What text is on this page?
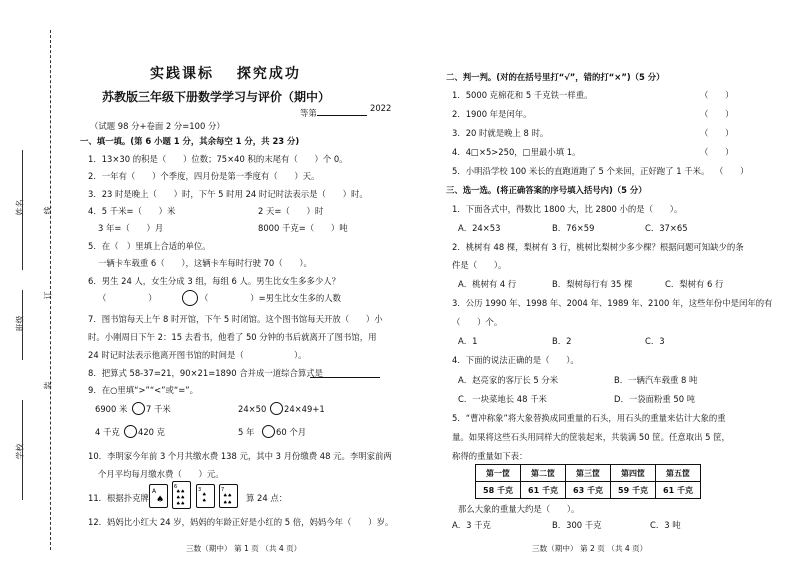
姓名 线
订
班级
装
学校
实践课标　 探究成功
苏教版三年级下册数学学习与评价（期中）
等第	2022
（试题 98 分+卷面 2 分=100 分）
一、填一填。(第 6 小题 1 分，其余每空 1 分，共 23 分)
1．13×30 的积是（　　）位数；75×40 积的末尾有（　　）个 0。
2．一年有（　　）个季度，四月份是第一季度有（　　）天。
3．23 时是晚上（　　）时，下午 5 时用 24 时记时法表示是（　　）时。
4．5 千米=（　　）米	2 天=（　　）时
3 年=（　　）月	8000 千克=（　　）吨
5．在（　）里填上合适的单位。
一辆卡车载重 6（　　），这辆卡车每时行驶 70（　　）。
6．男生 24 人，女生分成 3 组，每组 6 人。男生比女生多多少人？
（　　　　　）	（　　　　　）=男生比女生多的人数
7．图书馆每天上午 8 时开馆，下午 5 时闭馆。这个图书馆每天开放（　　）小
时。小刚周日下午 2：15 去看书，他看了 50 分钟的书后就离开了图书馆，用
24 时记时法表示他离开图书馆的时间是（　　　　　　）。
8．把算式 58-37=21，90×21=1890 合并成一道综合算式是
9．在○里填“>”“<”或“=”。
6900 米 7 千米	24×50 24×49+1
4 千克 420 克	5 年	60 个月
10．李明家今年前 3 个月共缴水费 138 元，其中 3 月份缴费 48 元。李明家前两
个月平均每月缴水费（　　）元。
11．根据扑克牌
A
♠
6
♠♠
♠♠
♠♠
3
♠
♠
7
♠♠
♠♠ 算 24 点：
12．妈妈比小红大 24 岁，妈妈的年龄正好是小红的 5 倍，妈妈今年（　　）岁。
三数（期中） 第 1 页 （共 4 页）
二、判一判。(对的在括号里打“√”，错的打“×”)（5 分）
1．5000 克棉花和 5 千克铁一样重。	（　　）
2．1900 年是闰年。	（　　）
3．20 时就是晚上 8 时。	（　　）
4．4□×5>250，□里最小填 1。	（　　）
5．小明沿学校 100 米长的直跑道跑了 5 个来回，正好跑了 1 千米。 （　　）
三、选一选。(将正确答案的序号填入括号内)（5 分）
1．下面各式中，得数比 1800 大，比 2800 小的是（　　）。
A．24×53	B．76×59	C．37×65
2．桃树有 48 棵，梨树有 3 行，桃树比梨树少多少棵？根据问题可知缺少的条
件是（　　）。
A．桃树有 4 行	B．梨树每行有 35 棵	C．梨树有 6 行
3．公历 1990 年、1998 年、2004 年、1989 年、2100 年，这些年份中是闰年的有
（　　）个。
A．1	B．2	C．3
4．下面的说法正确的是（　　）。
A．赵亮家的客厅长 5 分米	B．一辆汽车载重 8 吨
C．一块菜地长 48 千米	D．一袋面粉重 50 吨
5．“曹冲称象”将大象替换成同重量的石头，用石头的重量来估计大象的重
量。如果将这些石头用同样大的筐装起来，共装满 50 筐。任意取出 5 筐，
称得的重量如下表：
第一筐	第二筐	第三筐	第四筐	第五筐
58 千克	61 千克	63 千克	59 千克	61 千克
那么大象的重量大约是（　　）。
A．3 千克	B．300 千克	C．3 吨
三数（期中） 第 2 页 （共 4 页）
